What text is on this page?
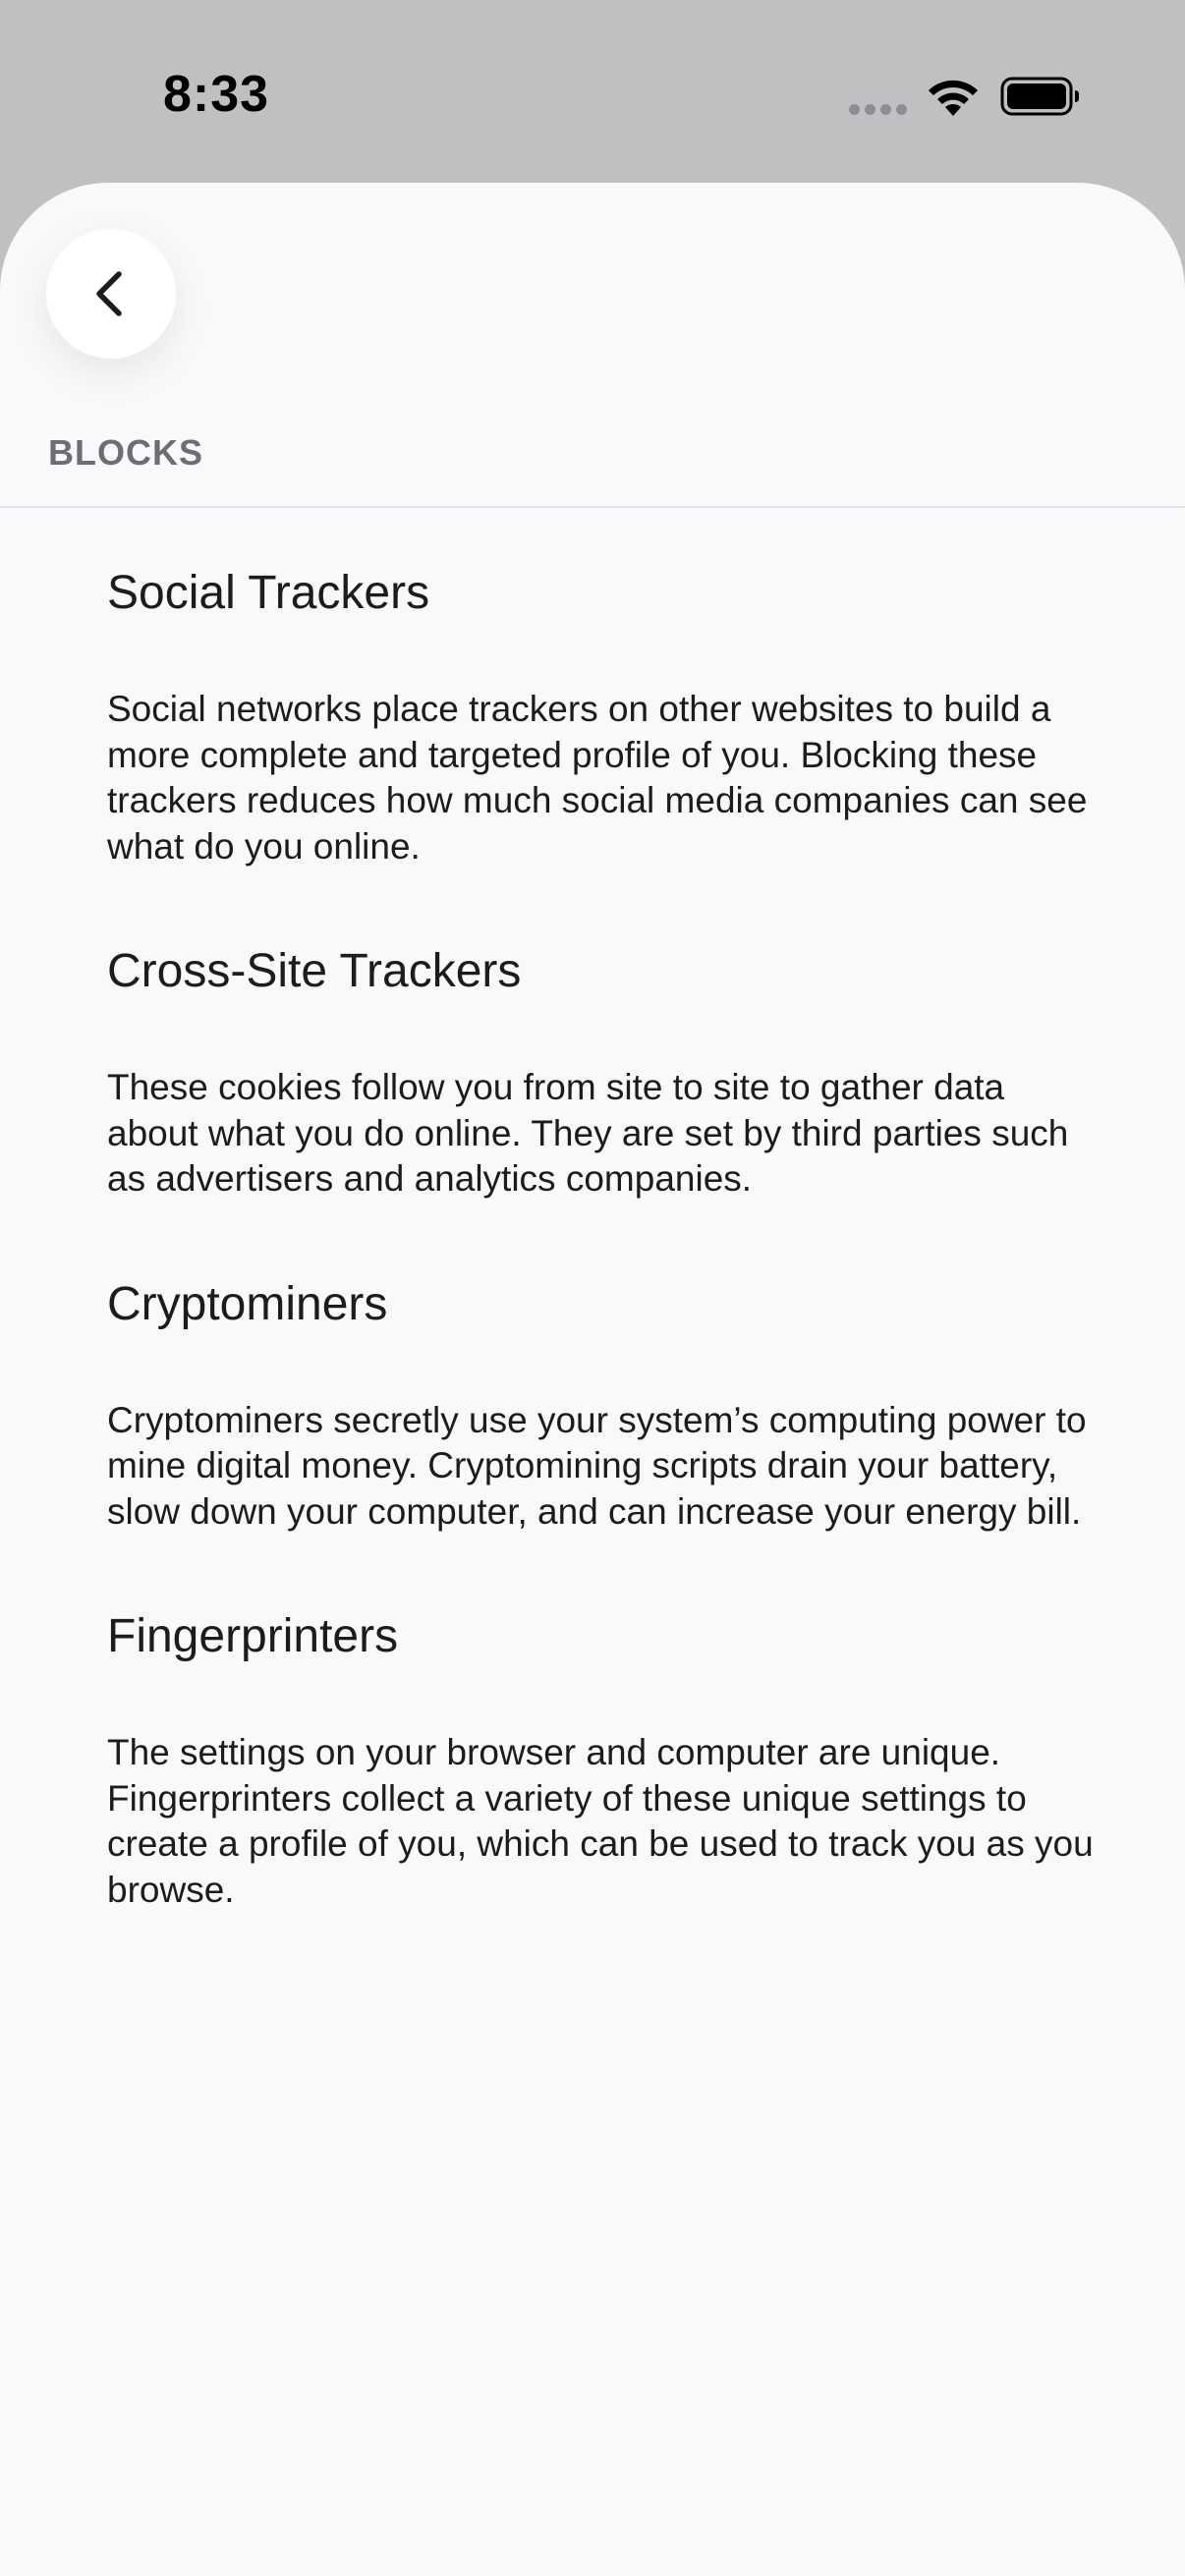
8:33
BLOCKS

Social Trackers

Social networks place trackers on other websites to build a more complete and targeted profile of you. Blocking these trackers reduces how much social media companies can see what do you online.

Cross-Site Trackers

These cookies follow you from site to site to gather data about what you do online. They are set by third parties such as advertisers and analytics companies.

Cryptominers

Cryptominers secretly use your system’s computing power to mine digital money. Cryptomining scripts drain your battery, slow down your computer, and can increase your energy bill.

Fingerprinters

The settings on your browser and computer are unique. Fingerprinters collect a variety of these unique settings to create a profile of you, which can be used to track you as you browse.
